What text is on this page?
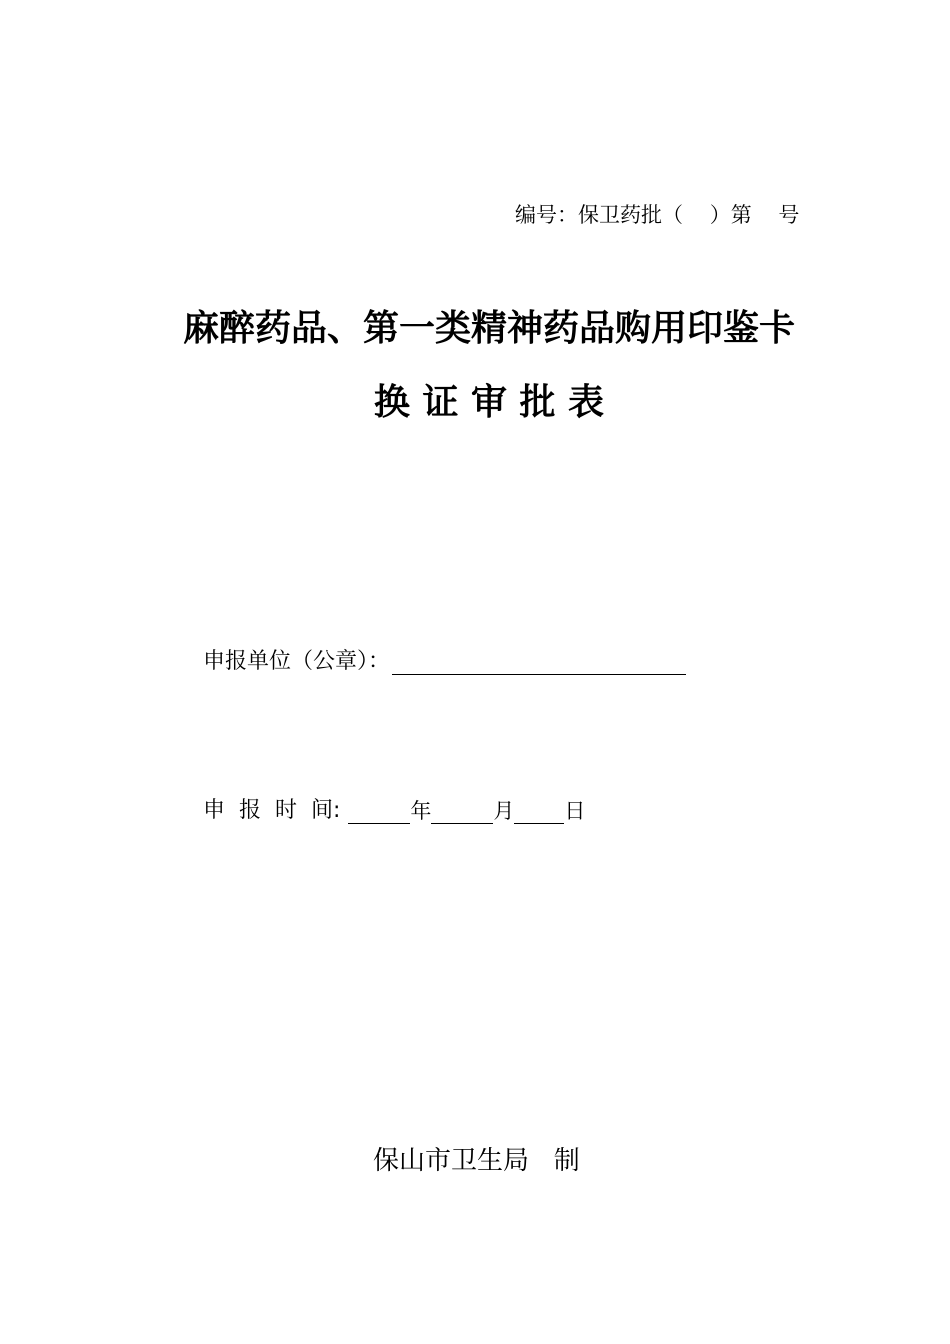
编号：保卫药批（    ）第    号
麻醉药品、第一类精神药品购用印鉴卡
换 证 审 批 表
申报单位（公章）：
申  报  时  间:	年	月 日
保山市卫生局   制
